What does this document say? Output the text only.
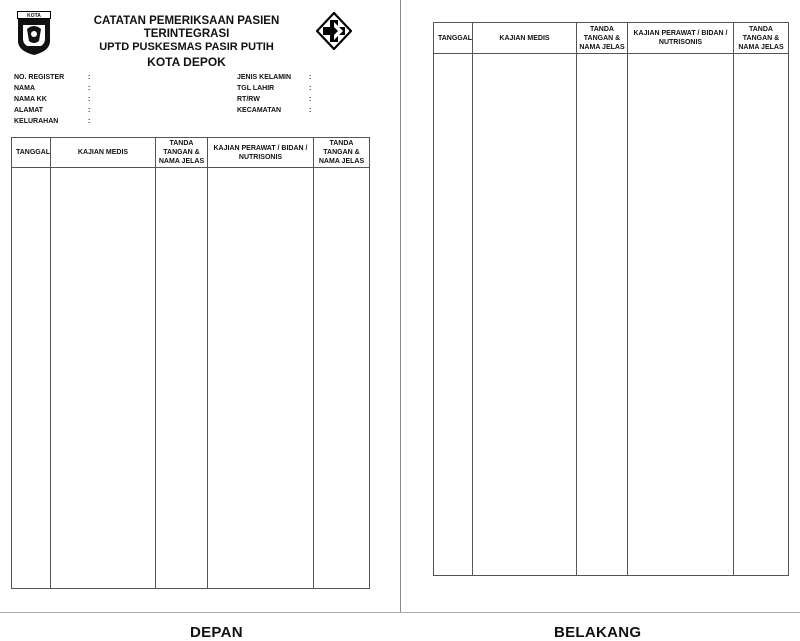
KOTA	CATATAN PEMERIKSAAN PASIEN TERINTEGRASI
UPTD PUSKESMAS PASIR PUTIH
KOTA DEPOK
NO. REGISTER	:
NAMA	:
NAMA KK	:
ALAMAT	:
KELURAHAN	:
JENIS KELAMIN	:
TGL LAHIR	:
RT/RW	:
KECAMATAN	:
TANGGAL	KAJIAN MEDIS	TANDA TANGAN & NAMA JELAS	KAJIAN PERAWAT / BIDAN / NUTRISONIS	TANDA TANGAN & NAMA JELAS

TANGGAL	KAJIAN MEDIS	TANDA TANGAN & NAMA JELAS	KAJIAN PERAWAT / BIDAN / NUTRISONIS	TANDA TANGAN & NAMA JELAS

DEPAN	BELAKANG
